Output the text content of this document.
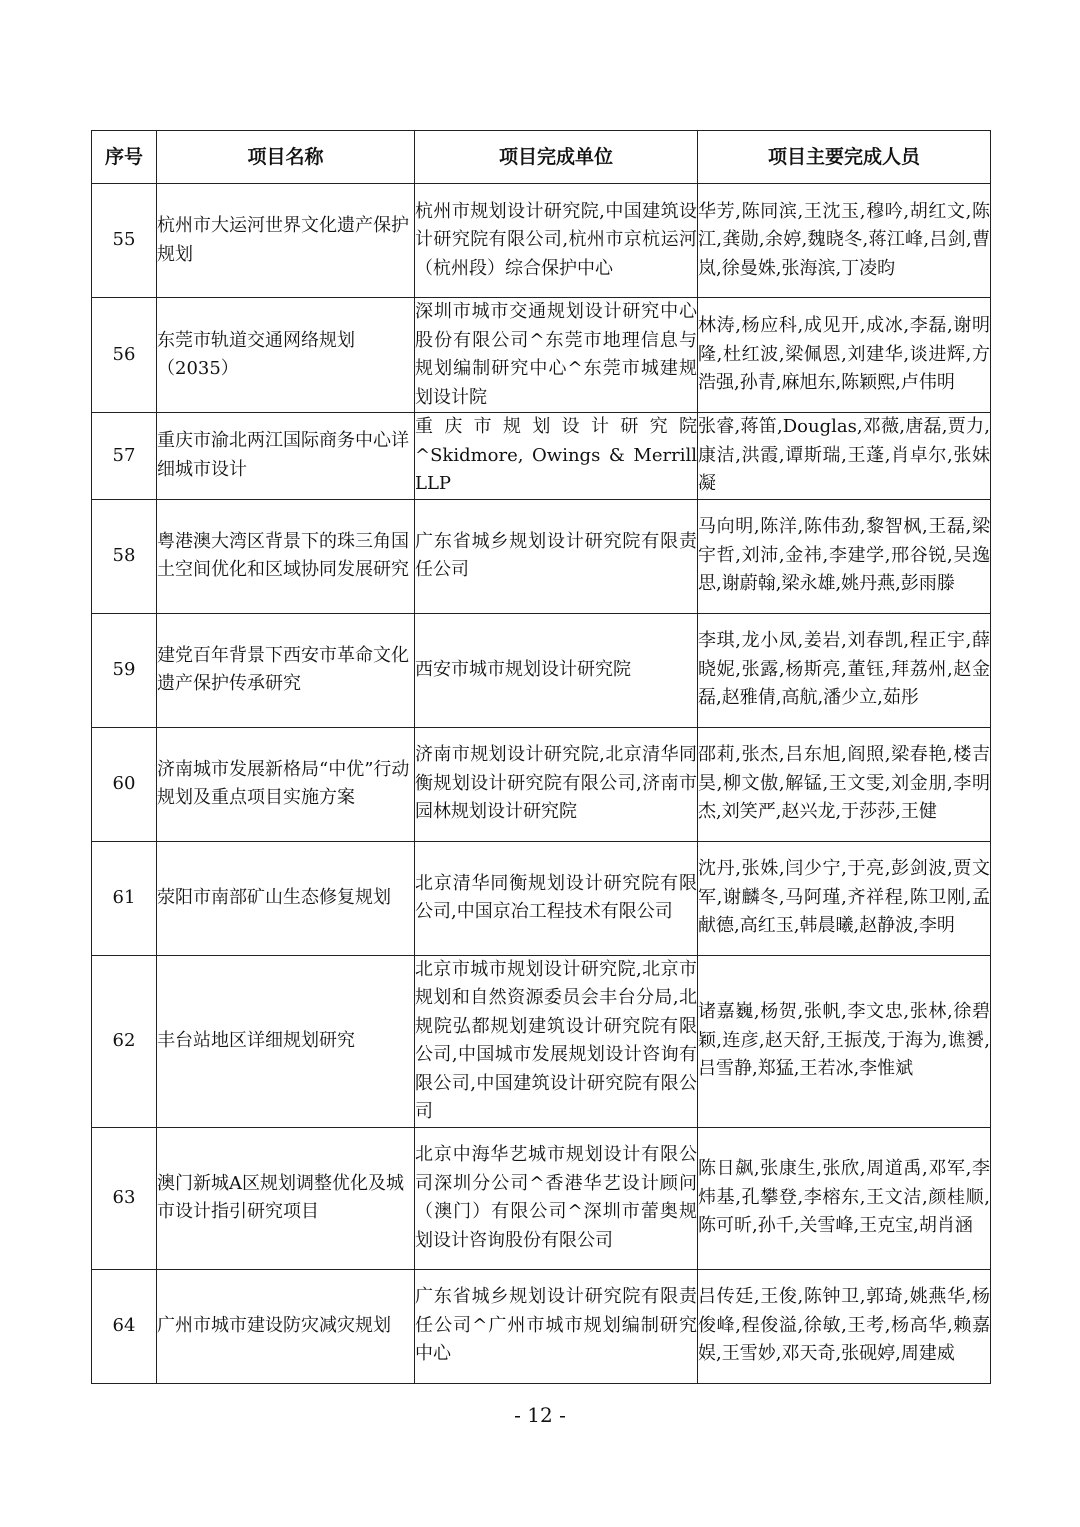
序号	项目名称	项目完成单位	项目主要完成人员
55	杭州市大运河世界文化遗产保护规划	杭州市规划设计研究院,中国建筑设计研究院有限公司,杭州市京杭运河（杭州段）综合保护中心	华芳,陈同滨,王沈玉,穆吟,胡红文,陈江,龚勋,余婷,魏晓冬,蒋江峰,吕剑,曹岚,徐曼姝,张海滨,丁凌昀
56	东莞市轨道交通网络规划（2035）	深圳市城市交通规划设计研究中心股份有限公司^东莞市地理信息与规划编制研究中心^东莞市城建规划设计院	林涛,杨应科,成见开,成冰,李磊,谢明隆,杜红波,梁佩恩,刘建华,谈进辉,方浩强,孙青,麻旭东,陈颖熙,卢伟明
57	重庆市渝北两江国际商务中心详细城市设计	重庆市规划设计研究院^Skidmore, Owings & Merrill LLP	张睿,蒋笛,Douglas,邓薇,唐磊,贾力,康洁,洪霞,谭斯瑞,王蓬,肖卓尔,张妹凝
58	粤港澳大湾区背景下的珠三角国土空间优化和区域协同发展研究	广东省城乡规划设计研究院有限责任公司	马向明,陈洋,陈伟劲,黎智枫,王磊,梁宇哲,刘沛,金祎,李建学,邢谷锐,吴逸思,谢蔚翰,梁永雄,姚丹燕,彭雨滕
59	建党百年背景下西安市革命文化遗产保护传承研究	西安市城市规划设计研究院	李琪,龙小凤,姜岩,刘春凯,程正宇,薛晓妮,张露,杨斯亮,董钰,拜荔州,赵金磊,赵雅倩,高航,潘少立,茹彤
60	济南城市发展新格局“中优”行动规划及重点项目实施方案	济南市规划设计研究院,北京清华同衡规划设计研究院有限公司,济南市园林规划设计研究院	邵莉,张杰,吕东旭,阎照,梁春艳,楼吉昊,柳文傲,解锰,王文雯,刘金朋,李明杰,刘笑严,赵兴龙,于莎莎,王健
61	荥阳市南部矿山生态修复规划	北京清华同衡规划设计研究院有限公司,中国京冶工程技术有限公司	沈丹,张姝,闫少宁,于亮,彭剑波,贾文军,谢麟冬,马阿瑾,齐祥程,陈卫刚,孟献德,高红玉,韩晨曦,赵静波,李明
62	丰台站地区详细规划研究	北京市城市规划设计研究院,北京市规划和自然资源委员会丰台分局,北规院弘都规划建筑设计研究院有限公司,中国城市发展规划设计咨询有限公司,中国建筑设计研究院有限公司	诸嘉巍,杨贺,张帆,李文忠,张林,徐碧颖,连彦,赵天舒,王振茂,于海为,谯赟,吕雪静,郑猛,王若冰,李惟斌
63	澳门新城A区规划调整优化及城市设计指引研究项目	北京中海华艺城市规划设计有限公司深圳分公司^香港华艺设计顾问（澳门）有限公司^深圳市蕾奥规划设计咨询股份有限公司	陈日飙,张康生,张欣,周道禹,邓军,李炜基,孔攀登,李榕东,王文洁,颜桂顺,陈可昕,孙千,关雪峰,王克宝,胡肖涵
64	广州市城市建设防灾减灾规划	广东省城乡规划设计研究院有限责任公司^广州市城市规划编制研究中心	吕传廷,王俊,陈钟卫,郭琦,姚燕华,杨俊峰,程俊溢,徐敏,王考,杨高华,赖嘉娱,王雪妙,邓天奇,张砚婷,周建威
- 12 -
